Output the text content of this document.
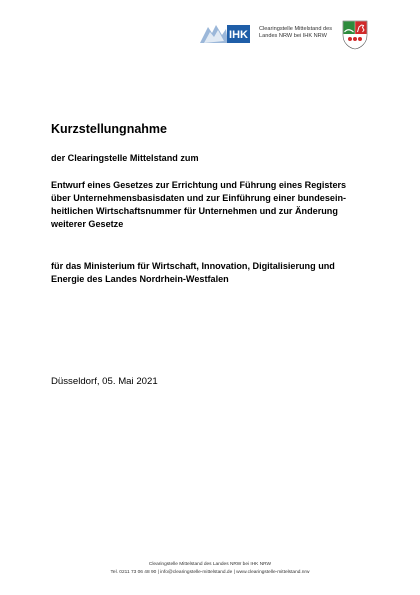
IHK Clearingstelle Mittelstand des
Landes NRW bei IHK NRW
Kurzstellungnahme
der Clearingstelle Mittelstand zum
Entwurf eines Gesetzes zur Errichtung und Führung eines Registers
über Unternehmensbasisdaten und zur Einführung einer bundesein-
heitlichen Wirtschaftsnummer für Unternehmen und zur Änderung
weiterer Gesetze
für das Ministerium für Wirtschaft, Innovation, Digitalisierung und
Energie des Landes Nordrhein-Westfalen
Düsseldorf, 05. Mai 2021
Clearingstelle Mittelstand des Landes NRW bei IHK NRW
Tel. 0211 73 06 48 90 | info@clearingstelle-mittelstand.de | www.clearingstelle-mittelstand.nrw
